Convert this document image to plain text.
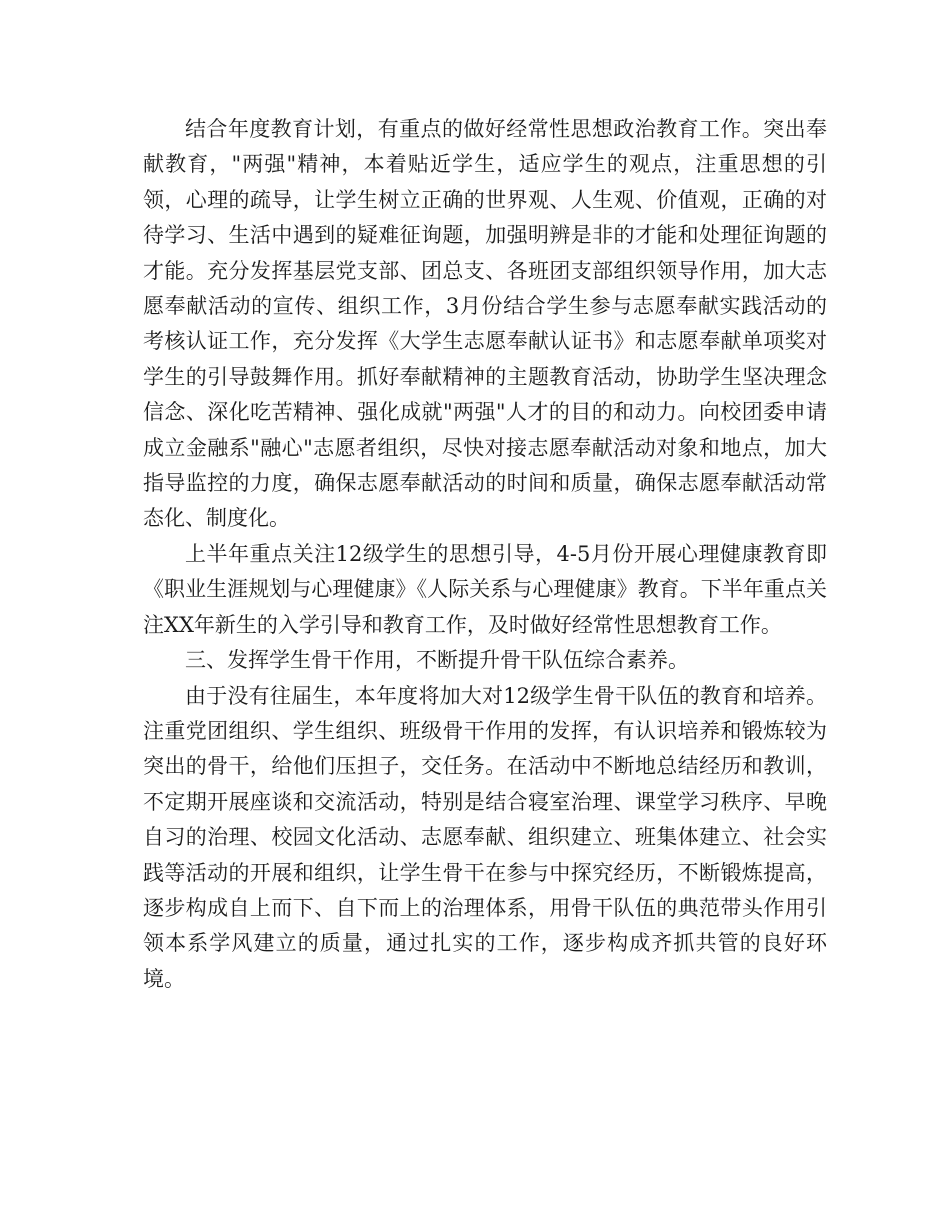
结合年度教育计划，有重点的做好经常性思想政治教育工作。突出奉献教育，"两强"精神，本着贴近学生，适应学生的观点，注重思想的引领，心理的疏导，让学生树立正确的世界观、人生观、价值观，正确的对待学习、生活中遇到的疑难征询题，加强明辨是非的才能和处理征询题的才能。充分发挥基层党支部、团总支、各班团支部组织领导作用，加大志愿奉献活动的宣传、组织工作，3月份结合学生参与志愿奉献实践活动的考核认证工作，充分发挥《大学生志愿奉献认证书》和志愿奉献单项奖对学生的引导鼓舞作用。抓好奉献精神的主题教育活动，协助学生坚决理念信念、深化吃苦精神、强化成就"两强"人才的目的和动力。向校团委申请成立金融系"融心"志愿者组织，尽快对接志愿奉献活动对象和地点，加大指导监控的力度，确保志愿奉献活动的时间和质量，确保志愿奉献活动常态化、制度化。

上半年重点关注12级学生的思想引导，4-5月份开展心理健康教育即《职业生涯规划与心理健康》《人际关系与心理健康》教育。下半年重点关注XX年新生的入学引导和教育工作，及时做好经常性思想教育工作。

三、发挥学生骨干作用，不断提升骨干队伍综合素养。

由于没有往届生，本年度将加大对12级学生骨干队伍的教育和培养。注重党团组织、学生组织、班级骨干作用的发挥，有认识培养和锻炼较为突出的骨干，给他们压担子，交任务。在活动中不断地总结经历和教训，不定期开展座谈和交流活动，特别是结合寝室治理、课堂学习秩序、早晚自习的治理、校园文化活动、志愿奉献、组织建立、班集体建立、社会实践等活动的开展和组织，让学生骨干在参与中探究经历，不断锻炼提高，逐步构成自上而下、自下而上的治理体系，用骨干队伍的典范带头作用引领本系学风建立的质量，通过扎实的工作，逐步构成齐抓共管的良好环境。
